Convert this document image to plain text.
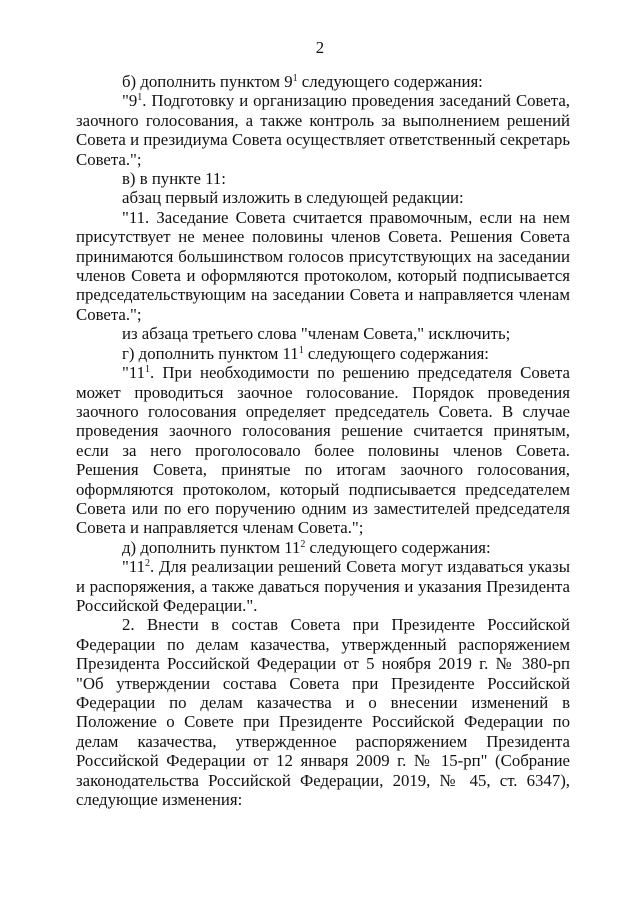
2

б) дополнить пунктом $9^1$ следующего содержания:

"$9^1$. Подготовку и организацию проведения заседаний Совета, заочного голосования, а также контроль за выполнением решений Совета и президиума Совета осуществляет ответственный секретарь Совета.";

в) в пункте 11:

абзац первый изложить в следующей редакции:

"11. Заседание Совета считается правомочным, если на нем присутствует не менее половины членов Совета. Решения Совета принимаются большинством голосов присутствующих на заседании членов Совета и оформляются протоколом, который подписывается председательствующим на заседании Совета и направляется членам Совета.";

из абзаца третьего слова "членам Совета," исключить;

г) дополнить пунктом $11^1$ следующего содержания:

"$11^1$. При необходимости по решению председателя Совета может проводиться заочное голосование. Порядок проведения заочного голосования определяет председатель Совета. В случае проведения заочного голосования решение считается принятым, если за него проголосовало более половины членов Совета. Решения Совета, принятые по итогам заочного голосования, оформляются протоколом, который подписывается председателем Совета или по его поручению одним из заместителей председателя Совета и направляется членам Совета.";

д) дополнить пунктом $11^2$ следующего содержания:

"$11^2$. Для реализации решений Совета могут издаваться указы и распоряжения, а также даваться поручения и указания Президента Российской Федерации.".

2. Внести в состав Совета при Президенте Российской Федерации по делам казачества, утвержденный распоряжением Президента Российской Федерации от 5 ноября 2019 г. № 380-рп "Об утверждении состава Совета при Президенте Российской Федерации по делам казачества и о внесении изменений в Положение о Совете при Президенте Российской Федерации по делам казачества, утвержденное распоряжением Президента Российской Федерации от 12 января 2009 г. № 15-рп" (Собрание законодательства Российской Федерации, 2019, № 45, ст. 6347), следующие изменения:
